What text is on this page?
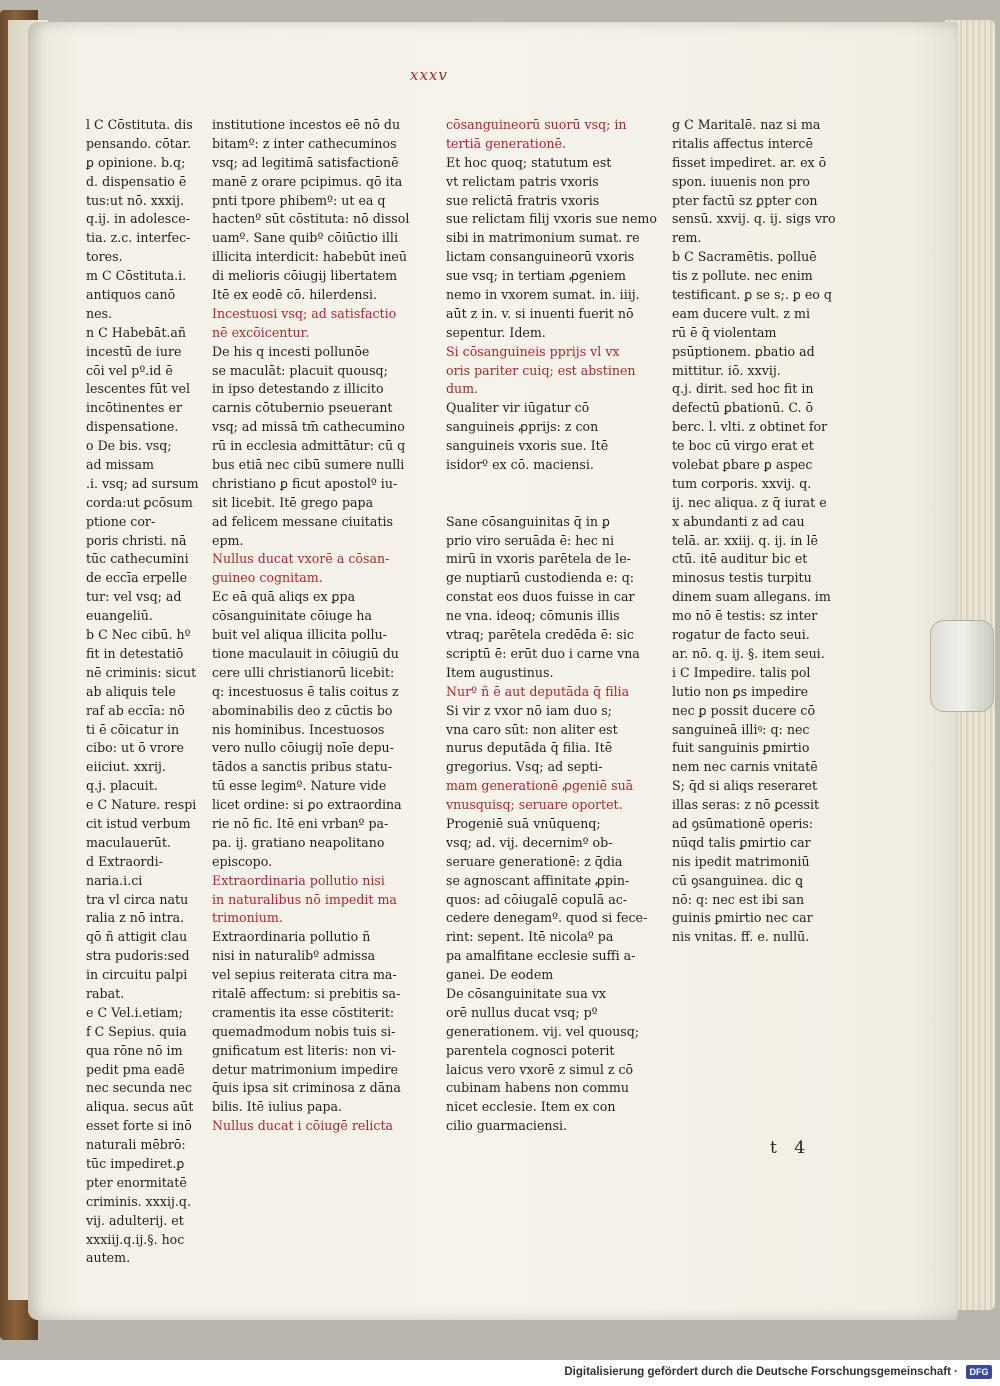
xxxv
l C Cōstituta. dis
pensando. cōtar.
ꝑ opinione. b.q;
d. dispensatio ē
tus:ut nō. xxxij.
q.ij. in adolesce-
tia. z.c. interfec-
tores.
m C Cōstituta.i.
antiquos canō
nes.
n C Habebāt.añ
incestū de iure
cōi vel pº.id ē
lescentes fūt vel
incōtinentes er
dispensatione.
o De bis. vsq;
ad missam
.i. vsq; ad sursum
corda:ut ꝑcōsum
ptione cor-
poris christi. nā
tūc cathecumini
de eccīa erpelle
tur: vel vsq; ad
euangeliū.
b C Nec cibū. hº
fit in detestatiō
nē criminis: sicut
ab aliquis tele
raf ab eccīa: nō
ti ē cōicatur in
cibo: ut ō vrore
eiiciut. xxrij.
q.j. placuit.
e C Nature. respi
cit istud verbum
maculauerūt.
d Extraordi-
naria.i.ci
tra vl circa natu
ralia z nō intra.
qō ñ attigit clau
stra pudoris:sed
in circuitu palpi
rabat.
e C Vel.i.etiam;
f C Sepius. quia
qua rōne nō im
pedit pma eadē
nec secunda nec
aliqua. secus aūt
esset forte si inō
naturali mēbrō:
tūc impediret.ꝑ
pter enormitatē
criminis. xxxij.q.
vij. adulterij. et
xxxiij.q.ij.§. hoc
autem.
institutione incestos eē nō du
bitamº: z inter cathecuminos
vsq; ad legitimā satisfactionē
manē z orare pcipimus. qō ita
pnti tpore phibemº: ut ea q
hactenº sūt cōstituta: nō dissol
uamº. Sane quibº cōiūctio illi
illicita interdicit: habebūt ineū
di melioris cōiugij libertatem
Itē ex eodē cō. hilerdensi.
Incestuosi vsq; ad satisfactio
nē excōicentur.
De his q incesti pollunōe
se maculāt: placuit quousq;
in ipso detestando z illicito
carnis cōtubernio pseuerant
vsq; ad missā tm̄ cathecumino
rū in ecclesia admittātur: cū q
bus etiā nec cibū sumere nulli
christiano ꝑ ficut apostolº iu-
sit licebit. Itē grego papa
ad felicem messane ciuitatis
epm.
Nullus ducat vxorē a cōsan-
guineo cognitam.
Ec eā quā aliqs ex ꝑpa
cōsanguinitate cōiuge ha
buit vel aliqua illicita pollu-
tione maculauit in cōiugiū du
cere ulli christianorū licebit:
q: incestuosus ē talis coitus z
abominabilis deo z cūctis bo
nis hominibus. Incestuosos
vero nullo cōiugij noīe depu-
tādos a sanctis pribus statu-
tū esse legimº. Nature vide
licet ordine: si ꝑo extraordina
rie nō fic. Itē eni vrbanº pa-
pa. ij. gratiano neapolitano
episcopo.
Extraordinaria pollutio nisi
in naturalibus nō impedit ma
trimonium.
Extraordinaria pollutio ñ
nisi in naturalibº admissa
vel sepius reiterata citra ma-
ritalē affectum: si prebitis sa-
cramentis ita esse cōstiterit:
quemadmodum nobis tuis si-
gnificatum est literis: non vi-
detur matrimonium impedire
q̄uis ipsa sit criminosa z dāna
bilis. Itē iulius papa.
Nullus ducat i cōiugē relicta
cōsanguineorū suorū vsq; in
tertiā generationē.
Et hoc quoq; statutum est
vt relictam patris vxoris
sue relictā fratris vxoris
sue relictam filij vxoris sue nemo
sibi in matrimonium sumat. re
lictam consanguineorū vxoris
sue vsq; in tertiam ꝓgeniem
nemo in vxorem sumat. in. iiij.
aūt z in. v. si inuenti fuerit nō
sepentur. Idem.
Si cōsanguineis pprijs vl vx
oris pariter cuiq; est abstinen
dum.
Qualiter vir iūgatur cō
sanguineis ꝓprijs: z con
sanguineis vxoris sue. Itē
isidorº ex cō. maciensi.
Sane cōsanguinitas q̄ in ꝑ
prio viro seruāda ē: hec ni
mirū in vxoris parētela de le-
ge nuptiarū custodienda e: q:
constat eos duos fuisse in car
ne vna. ideoq; cōmunis illis
vtraq; parētela credēda ē: sic
scriptū ē: erūt duo i carne vna
Item augustinus.
Nurº ñ ē aut deputāda q̄ filia
Si vir z vxor nō iam duo s;
vna caro sūt: non aliter est
nurus deputāda q̄ filia. Itē
gregorius. Vsq; ad septi-
mam generationē ꝓgeniē suā
vnusquisq; seruare oportet.
Progeniē suā vnūquenq;
vsq; ad. vij. decernimº ob-
seruare generationē: z q̄dia
se agnoscant affinitate ꝓpin-
quos: ad cōiugalē copulā ac-
cedere denegamº. quod si fece-
rint: sepent. Itē nicolaº pa
pa amalfitane ecclesie suffi a-
ganei. De eodem
De cōsanguinitate sua vx
orē nullus ducat vsq; pº
generationem. vij. vel quousq;
parentela cognosci poterit
laicus vero vxorē z simul z cō
cubinam habens non commu
nicet ecclesie. Item ex con
cilio guarmaciensi.
g C Maritalē. naz si ma
ritalis affectus intercē
fisset impediret. ar. ex ō
spon. iuuenis non pro
pter factū sz ꝑpter con
sensū. xxvij. q. ij. sigs vro
rem.
b C Sacramētis. polluē
tis z pollute. nec enim
testificant. ꝑ se s;. ꝑ eo q
eam ducere vult. z mi
rū ē q̄ violentam
psūptionem. ꝑbatio ad
mittitur. iō. xxvij.
q.j. dirit. sed hoc fit in
defectū ꝑbationū. C. ō
berc. l. vlti. z obtinet for
te boc cū virgo erat et
volebat ꝑbare ꝑ aspec
tum corporis. xxvij. q.
ij. nec aliqua. z q̄ iurat e
x abundanti z ad cau
telā. ar. xxiij. q. ij. in lē
ctū. itē auditur bic et
minosus testis turpitu
dinem suam allegans. im
mo nō ē testis: sz inter
rogatur de facto seui.
ar. nō. q. ij. §. item seui.
i C Impedire. talis pol
lutio non ꝑs impedire
nec ꝑ possit ducere cō
sanguineā illiꝰ: q: nec
fuit sanguinis ꝑmirtio
nem nec carnis vnitatē
S; q̄d si aliqs reseraret
illas seras: z nō ꝑcessit
ad ꝯsūmationē operis:
nūqd talis ꝑmirtio car
nis ipedit matrimoniū
cū ꝯsanguinea. dic ꝗ
nō: q: nec est ibi san
guinis ꝑmirtio nec car
nis vnitas. ff. e. nullū.
t 4
Digitalisierung gefördert durch die Deutsche Forschungsgemeinschaft ·	DFG
